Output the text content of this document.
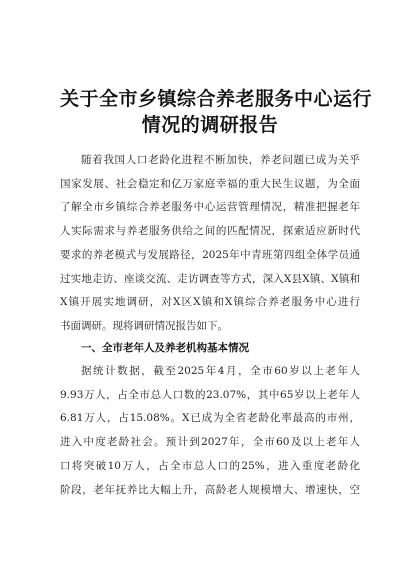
关于全市乡镇综合养老服务中心运行
情况的调研报告
随着我国人口老龄化进程不断加快，养老问题已成为关乎
国家发展、社会稳定和亿万家庭幸福的重大民生议题，为全面
了解全市乡镇综合养老服务中心运营管理情况，精准把握老年
人实际需求与养老服务供给之间的匹配情况，探索适应新时代
要求的养老模式与发展路径，2025年中青班第四组全体学员通
过实地走访、座谈交流、走访调查等方式，深入X县X镇、X镇和
X镇开展实地调研，对X区X镇和X镇综合养老服务中心进行
书面调研。现将调研情况报告如下。
一、全市老年人及养老机构基本情况
据统计数据，截至2025年4月，全市60岁以上老年人
9.93万人，占全市总人口数的23.07%，其中65岁以上老年人
6.81万人，占15.08%。X已成为全省老龄化率最高的市州，
进入中度老龄社会。预计到2027年，全市60及以上老年人
口将突破10万人，占全市总人口的25%，进入重度老龄化
阶段，老年抚养比大幅上升，高龄老人规模增大、增速快，空
